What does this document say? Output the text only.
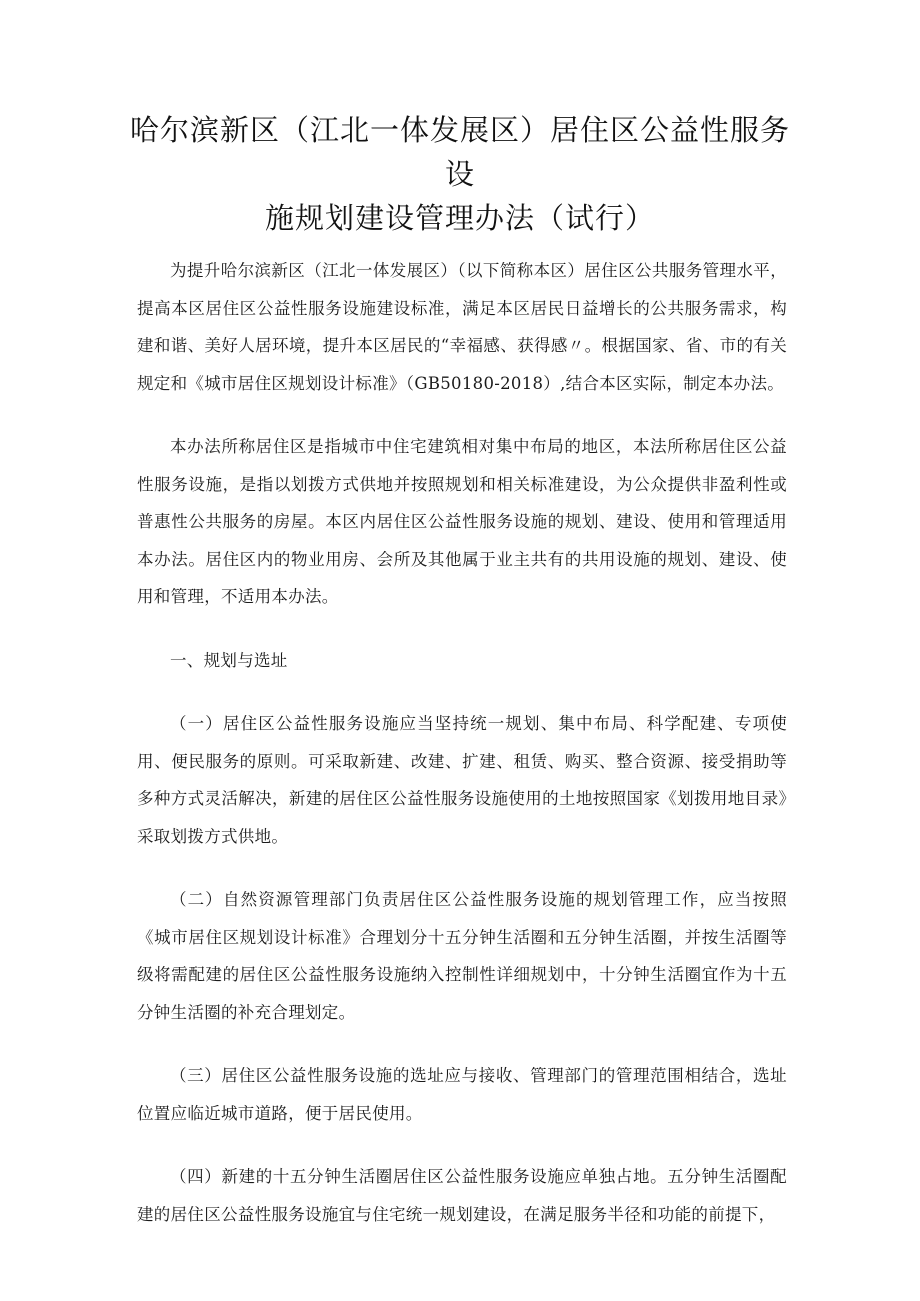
哈尔滨新区（江北一体发展区）居住区公益性服务设
施规划建设管理办法（试行）

为提升哈尔滨新区（江北一体发展区）（以下简称本区）居住区公共服务管理水平，提高本区居住区公益性服务设施建设标准，满足本区居民日益增长的公共服务需求，构建和谐、美好人居环境，提升本区居民的“幸福感、获得感〃。根据国家、省、市的有关规定和《城市居住区规划设计标准》（GB50180-2018）,结合本区实际，制定本办法。

本办法所称居住区是指城市中住宅建筑相对集中布局的地区，本法所称居住区公益性服务设施，是指以划拨方式供地并按照规划和相关标准建设，为公众提供非盈利性或普惠性公共服务的房屋。本区内居住区公益性服务设施的规划、建设、使用和管理适用本办法。居住区内的物业用房、会所及其他属于业主共有的共用设施的规划、建设、使用和管理，不适用本办法。

一、规划与选址

（一）居住区公益性服务设施应当坚持统一规划、集中布局、科学配建、专项使用、便民服务的原则。可采取新建、改建、扩建、租赁、购买、整合资源、接受捐助等多种方式灵活解决，新建的居住区公益性服务设施使用的土地按照国家《划拨用地目录》采取划拨方式供地。

（二）自然资源管理部门负责居住区公益性服务设施的规划管理工作，应当按照《城市居住区规划设计标准》合理划分十五分钟生活圈和五分钟生活圈，并按生活圈等级将需配建的居住区公益性服务设施纳入控制性详细规划中，十分钟生活圈宜作为十五分钟生活圈的补充合理划定。

（三）居住区公益性服务设施的选址应与接收、管理部门的管理范围相结合，选址位置应临近城市道路，便于居民使用。

（四）新建的十五分钟生活圈居住区公益性服务设施应单独占地。五分钟生活圈配建的居住区公益性服务设施宜与住宅统一规划建设，在满足服务半径和功能的前提下，
